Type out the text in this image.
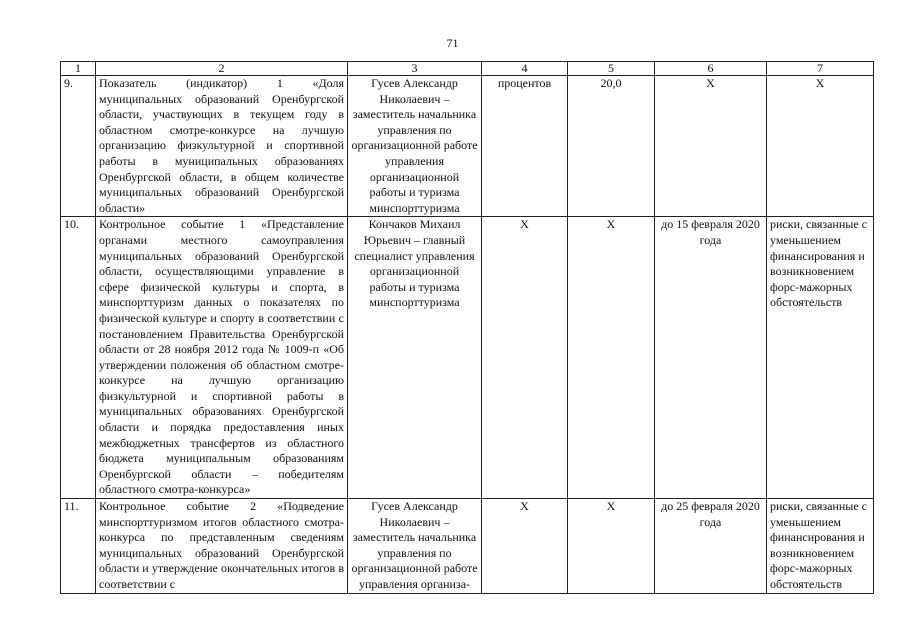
71
1	2	3	4	5	6	7
9.	Показатель (индикатор) 1 «Доля муниципальных образований Оренбургской области, участвующих в текущем году в областном смотре-конкурсе на лучшую организацию физкультурной и спортивной работы в муниципальных образованиях Оренбургской области, в общем количестве муниципальных образований Оренбургской области»	Гусев Александр Николаевич – заместитель начальника управления по организационной работе управления организационной работы и туризма минспорттуризма	процентов	20,0	Х	Х
10.	Контрольное событие 1 «Представление органами местного самоуправления муниципальных образований Оренбургской области, осуществляющими управление в сфере физической культуры и спорта, в минспорттуризм данных о показателях по физической культуре и спорту в соответствии с постановлением Правительства Оренбургской области от 28 ноября 2012 года № 1009-п «Об утверждении положения об областном смотре-конкурсе на лучшую организацию физкультурной и спортивной работы в муниципальных образованиях Оренбургской области и порядка предоставления иных межбюджетных трансфертов из областного бюджета муниципальным образованиям Оренбургской области – победителям областного смотра-конкурса»	Кончаков Михаил Юрьевич – главный специалист управления организационной работы и туризма минспорттуризма	Х	Х	до 15 февраля 2020 года	риски, связанные с уменьшением финансирования и возникновением форс-мажорных обстоятельств
11.	Контрольное событие 2 «Подведение минспорттуризмом итогов областного смотра-конкурса по представленным сведениям муниципальных образований Оренбургской области и утверждение окончательных итогов в соответствии с	Гусев Александр Николаевич – заместитель начальника управления по организационной работе управления организа-	Х	Х	до 25 февраля 2020 года	риски, связанные с уменьшением финансирования и возникновением форс-мажорных обстоятельств
